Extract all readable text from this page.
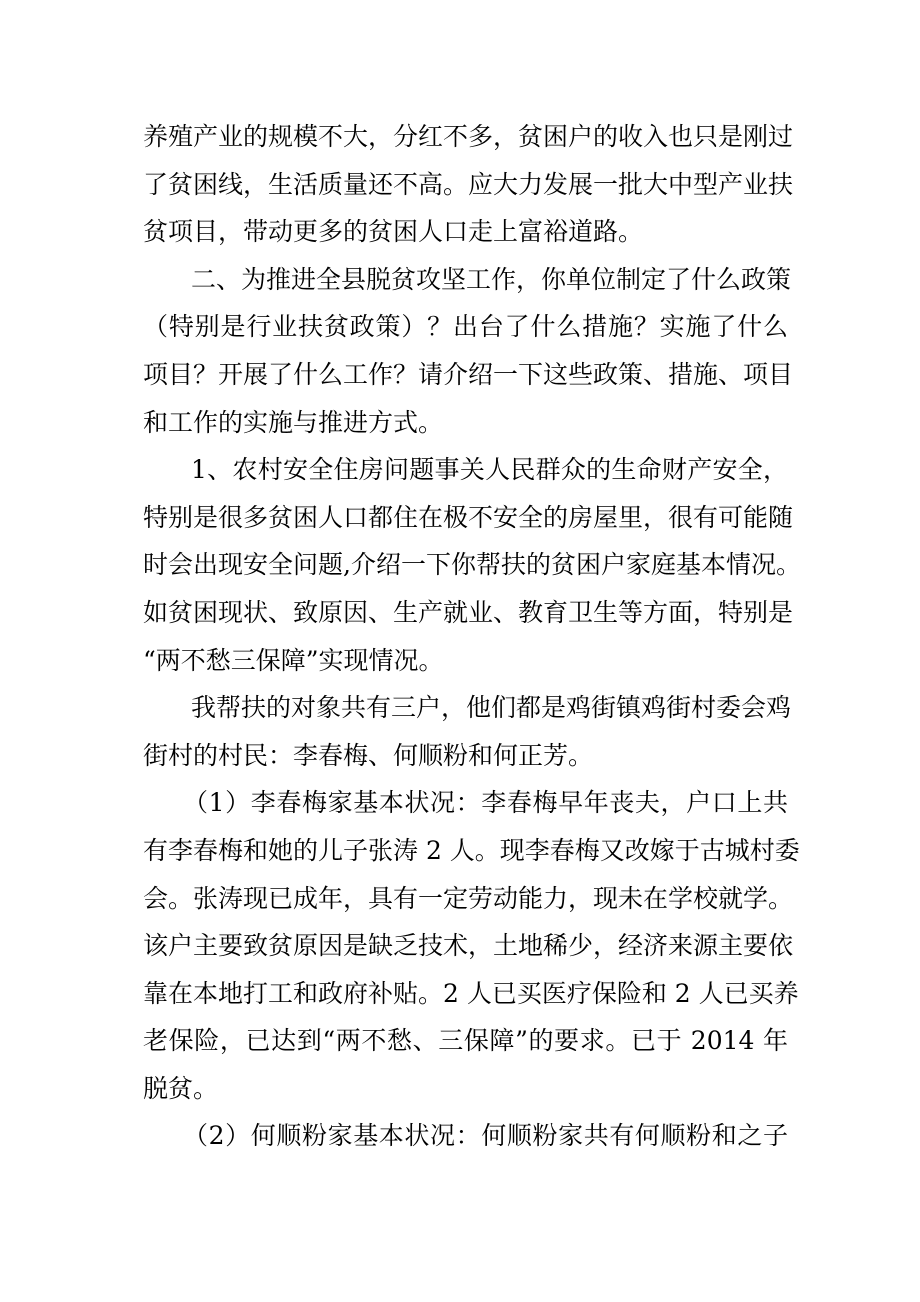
养殖产业的规模不大，分红不多，贫困户的收入也只是刚过
了贫困线，生活质量还不高。应大力发展一批大中型产业扶
贫项目，带动更多的贫困人口走上富裕道路。
二、为推进全县脱贫攻坚工作，你单位制定了什么政策
（特别是行业扶贫政策）？出台了什么措施？实施了什么
项目？开展了什么工作？请介绍一下这些政策、措施、项目
和工作的实施与推进方式。
1、农村安全住房问题事关人民群众的生命财产安全，
特别是很多贫困人口都住在极不安全的房屋里，很有可能随
时会出现安全问题,介绍一下你帮扶的贫困户家庭基本情况。
如贫困现状、致原因、生产就业、教育卫生等方面，特别是
“两不愁三保障”实现情况。
我帮扶的对象共有三户，他们都是鸡街镇鸡街村委会鸡
街村的村民：李春梅、何顺粉和何正芳。
（1）李春梅家基本状况：李春梅早年丧夫，户口上共
有李春梅和她的儿子张涛 2 人。现李春梅又改嫁于古城村委
会。张涛现已成年，具有一定劳动能力，现未在学校就学。
该户主要致贫原因是缺乏技术，土地稀少，经济来源主要依
靠在本地打工和政府补贴。2 人已买医疗保险和 2 人已买养
老保险，已达到“两不愁、三保障”的要求。已于 2014 年
脱贫。
（2）何顺粉家基本状况：何顺粉家共有何顺粉和之子
